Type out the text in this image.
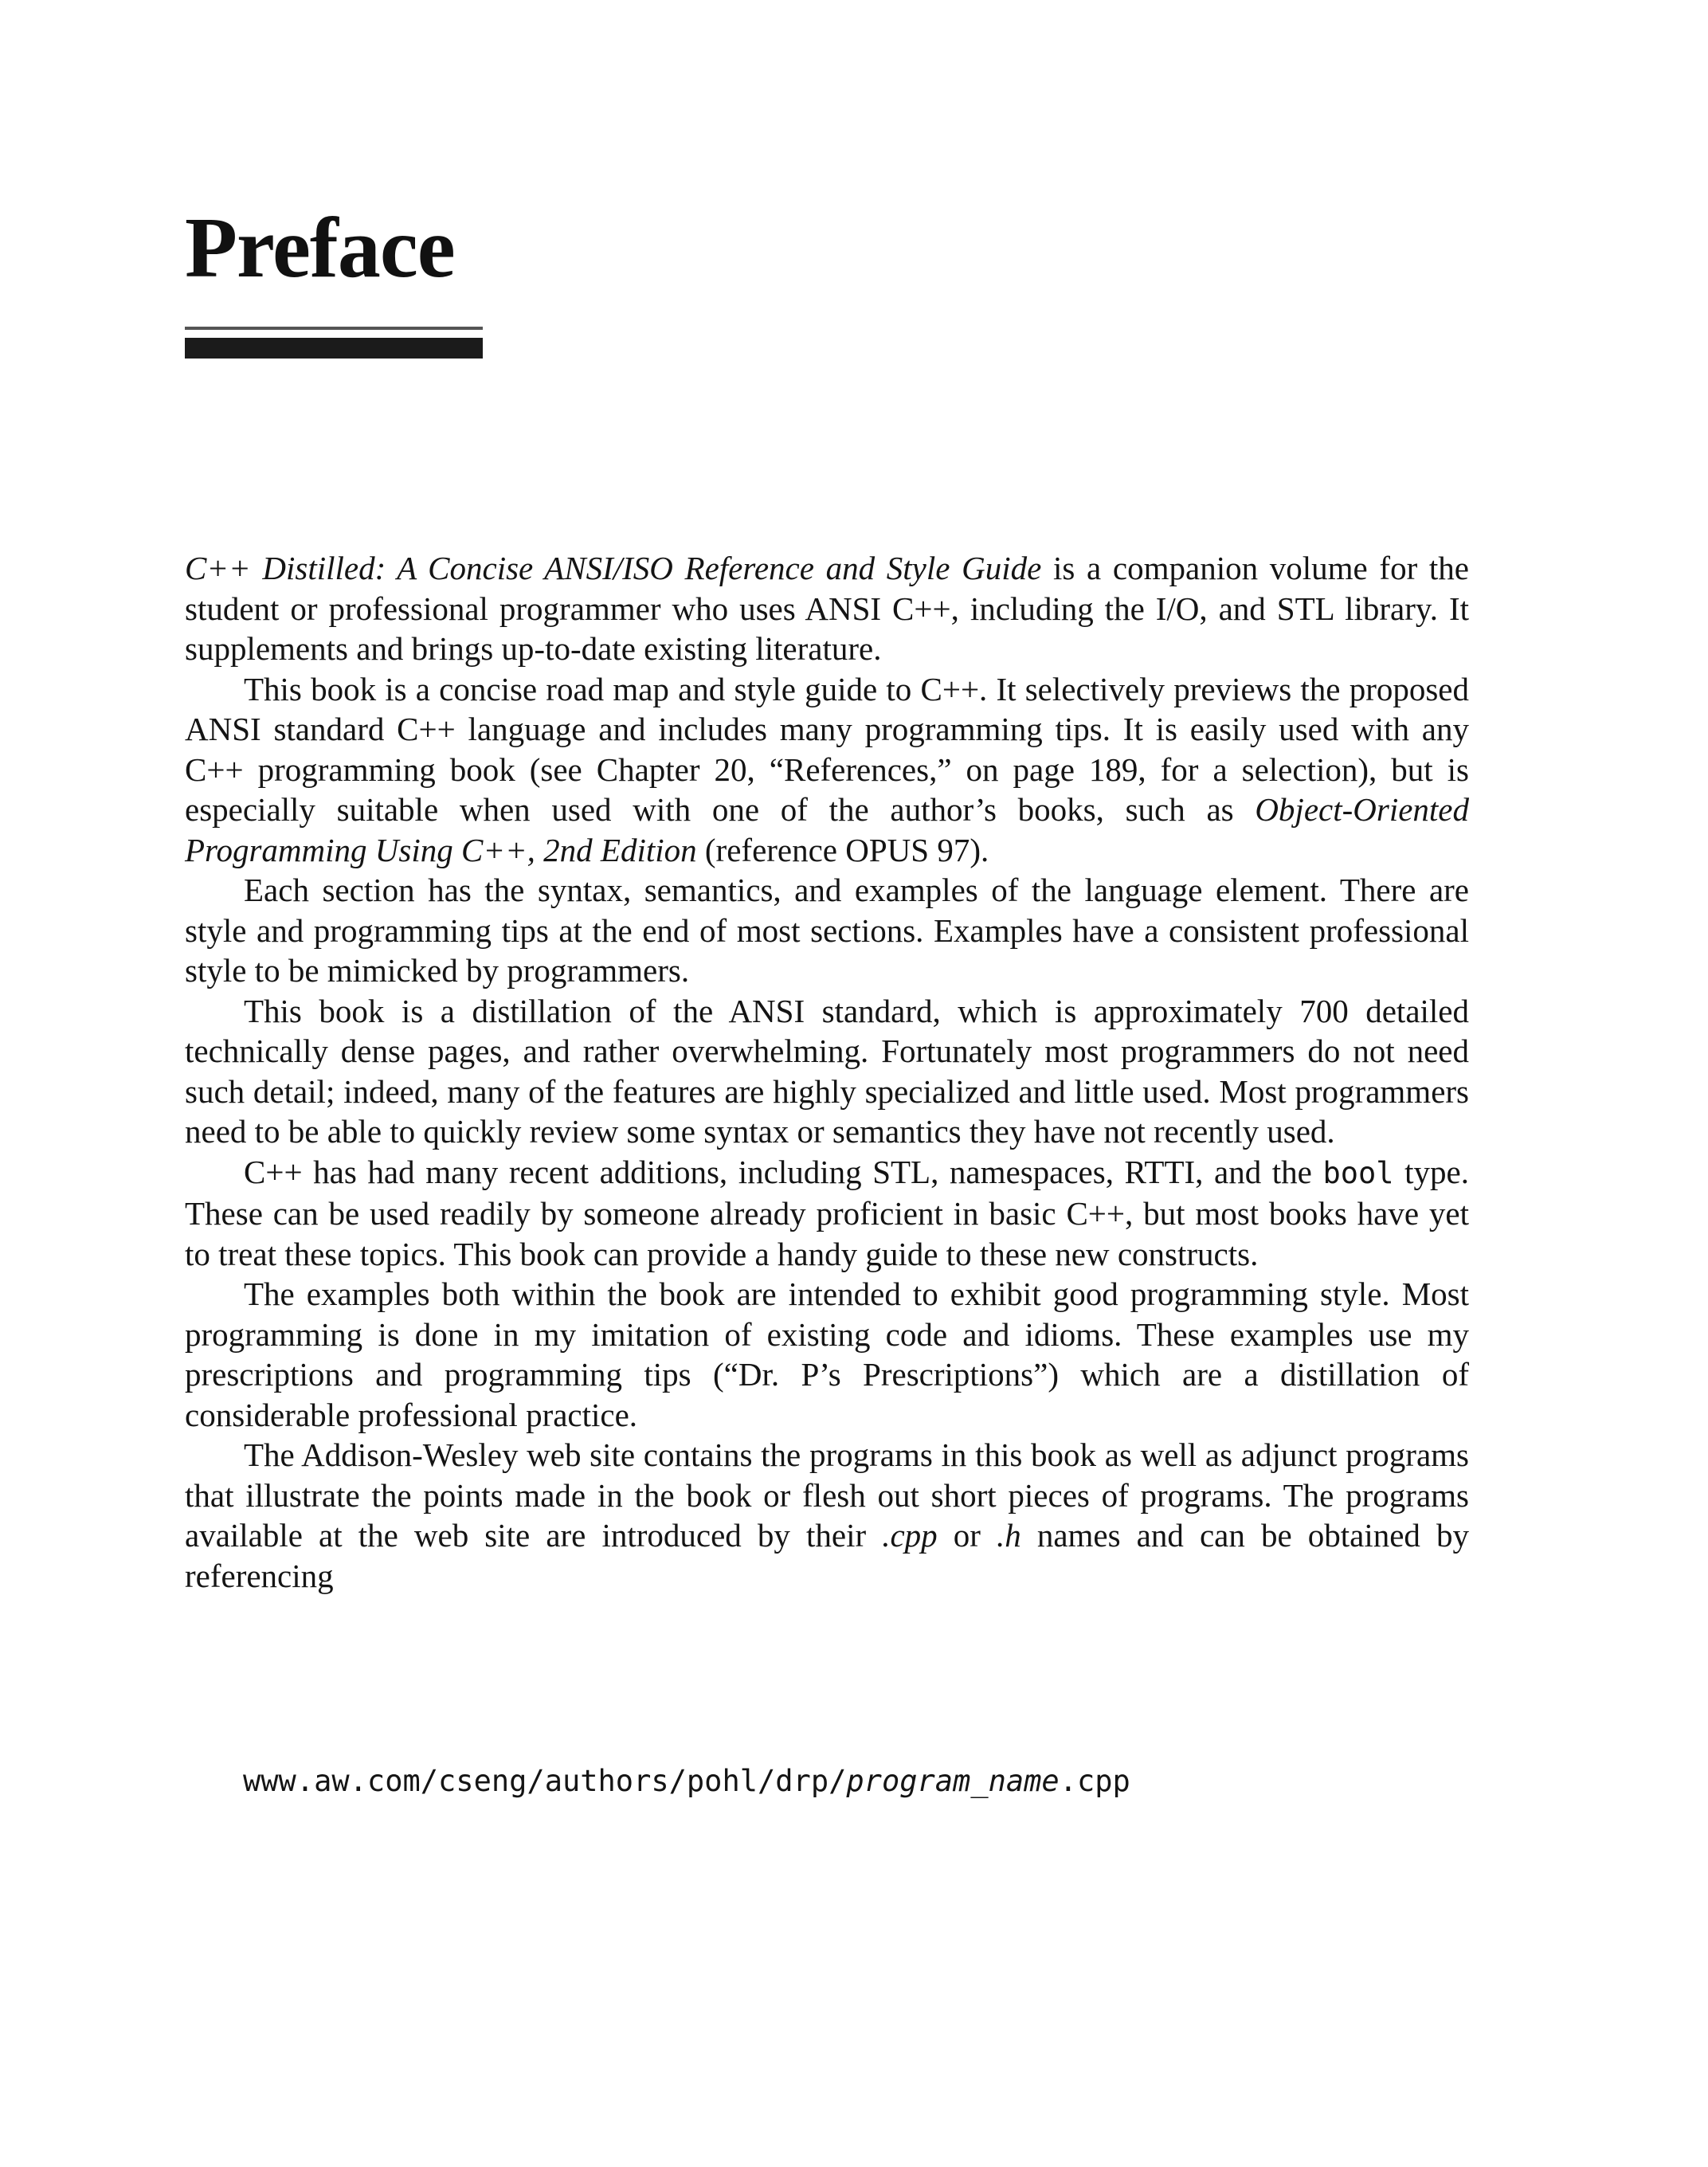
Preface

C++ Distilled: A Concise ANSI/ISO Reference and Style Guide is a companion volume for the student or professional programmer who uses ANSI C++, including the I/O, and STL library. It supplements and brings up-to-date existing literature.

This book is a concise road map and style guide to C++. It selectively previews the proposed ANSI standard C++ language and includes many programming tips. It is easily used with any C++ programming book (see Chapter 20, “References,” on page 189, for a selection), but is especially suitable when used with one of the author’s books, such as Object-Oriented Programming Using C++, 2nd Edition (reference OPUS 97).

Each section has the syntax, semantics, and examples of the language element. There are style and programming tips at the end of most sections. Examples have a consistent professional style to be mimicked by programmers.

This book is a distillation of the ANSI standard, which is approximately 700 detailed technically dense pages, and rather overwhelming. Fortunately most programmers do not need such detail; indeed, many of the features are highly specialized and little used. Most programmers need to be able to quickly review some syntax or semantics they have not recently used.

C++ has had many recent additions, including STL, namespaces, RTTI, and the bool type. These can be used readily by someone already proficient in basic C++, but most books have yet to treat these topics. This book can provide a handy guide to these new constructs.

The examples both within the book are intended to exhibit good programming style. Most programming is done in my imitation of existing code and idioms. These examples use my prescriptions and programming tips (“Dr. P’s Prescriptions”) which are a distillation of considerable professional practice.

The Addison-Wesley web site contains the programs in this book as well as adjunct programs that illustrate the points made in the book or flesh out short pieces of programs. The programs available at the web site are introduced by their .cpp or .h names and can be obtained by referencing

www.aw.com/cseng/authors/pohl/drp/program_name.cpp
